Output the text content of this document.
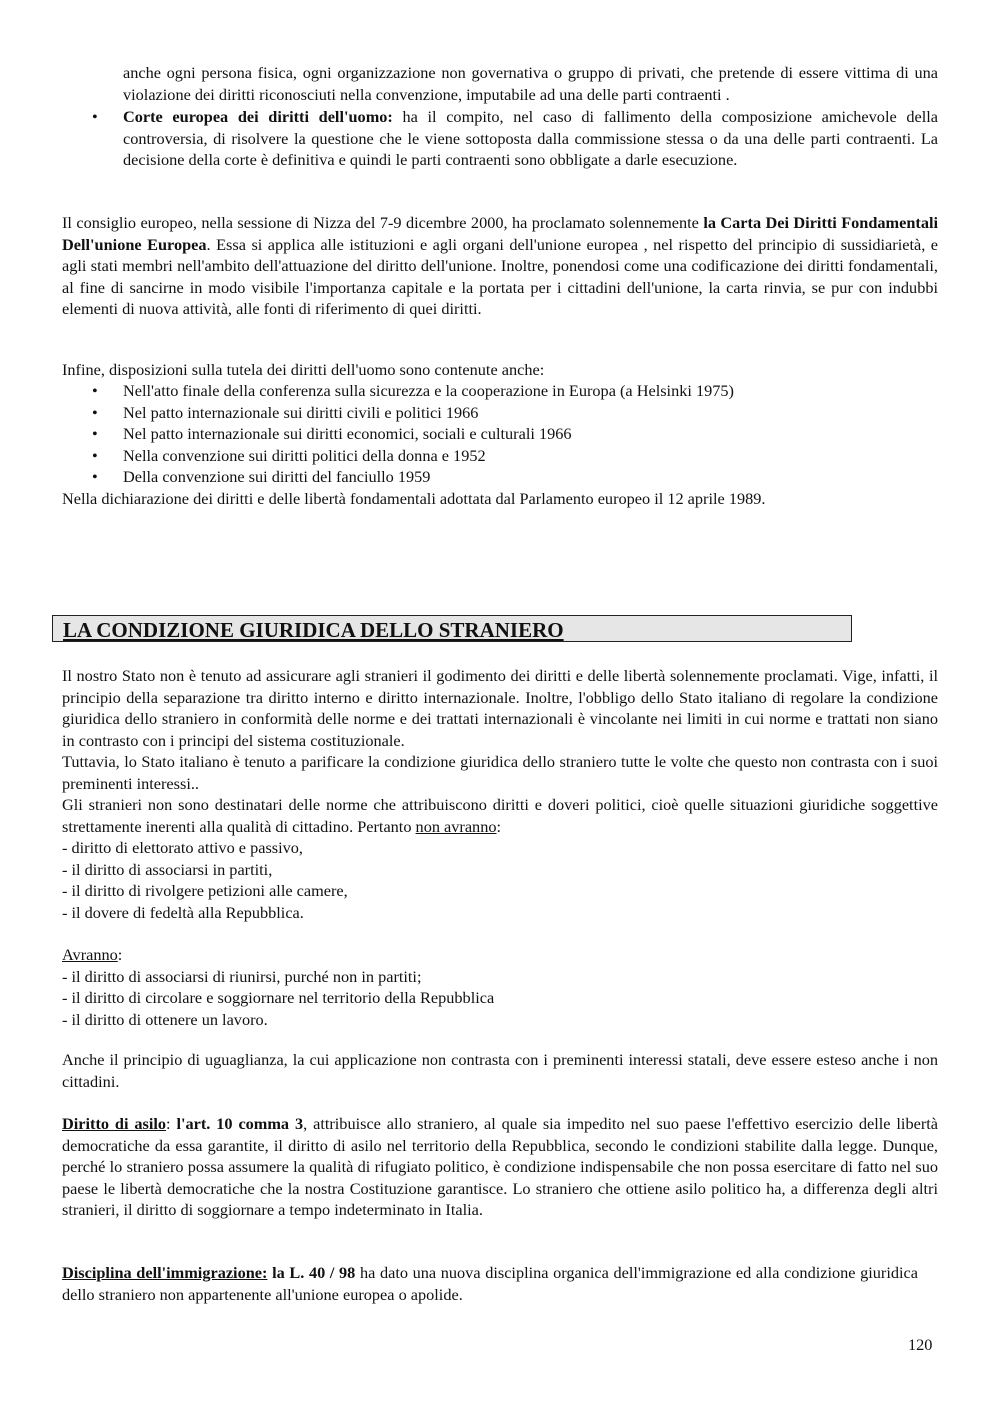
anche ogni persona fisica, ogni organizzazione non governativa o gruppo di privati, che pretende di essere vittima di una violazione dei diritti riconosciuti nella convenzione, imputabile ad una delle parti contraenti .

• Corte europea dei diritti dell'uomo: ha il compito, nel caso di fallimento della composizione amichevole della controversia, di risolvere la questione che le viene sottoposta dalla commissione stessa o da una delle parti contraenti. La decisione della corte è definitiva e quindi le parti contraenti sono obbligate a darle esecuzione.

Il consiglio europeo, nella sessione di Nizza del 7-9 dicembre 2000, ha proclamato solennemente la Carta Dei Diritti Fondamentali Dell'unione Europea. Essa si applica alle istituzioni e agli organi dell'unione europea , nel rispetto del principio di sussidiarietà, e agli stati membri nell'ambito dell'attuazione del diritto dell'unione. Inoltre, ponendosi come una codificazione dei diritti fondamentali, al fine di sancirne in modo visibile l'importanza capitale e la portata per i cittadini dell'unione, la carta rinvia, se pur con indubbi elementi di nuova attività, alle fonti di riferimento di quei diritti.

Infine, disposizioni sulla tutela dei diritti dell'uomo sono contenute anche:

• Nell'atto finale della conferenza sulla sicurezza e la cooperazione in Europa (a Helsinki 1975)
• Nel patto internazionale sui diritti civili e politici 1966
• Nel patto internazionale sui diritti economici, sociali e culturali 1966
• Nella convenzione sui diritti politici della donna e 1952
• Della convenzione sui diritti del fanciullo 1959

Nella dichiarazione dei diritti e delle libertà fondamentali adottata dal Parlamento europeo il 12 aprile 1989.

LA CONDIZIONE GIURIDICA DELLO STRANIERO

Il nostro Stato non è tenuto ad assicurare agli stranieri il godimento dei diritti e delle libertà solennemente proclamati. Vige, infatti, il principio della separazione tra diritto interno e diritto internazionale. Inoltre, l'obbligo dello Stato italiano di regolare la condizione giuridica dello straniero in conformità delle norme e dei trattati internazionali è vincolante nei limiti in cui norme e trattati non siano in contrasto con i principi del sistema costituzionale.

Tuttavia, lo Stato italiano è tenuto a parificare la condizione giuridica dello straniero tutte le volte che questo non contrasta con i suoi preminenti interessi..

Gli stranieri non sono destinatari delle norme che attribuiscono diritti e doveri politici, cioè quelle situazioni giuridiche soggettive strettamente inerenti alla qualità di cittadino. Pertanto non avranno:

- diritto di elettorato attivo e passivo,

- il diritto di associarsi in partiti,

- il diritto di rivolgere petizioni alle camere,

- il dovere di fedeltà alla Repubblica.

Avranno:

- il diritto di associarsi di riunirsi, purché non in partiti;

- il diritto di circolare e soggiornare nel territorio della Repubblica

- il diritto di ottenere un lavoro.

Anche il principio di uguaglianza, la cui applicazione non contrasta con i preminenti interessi statali, deve essere esteso anche i non cittadini.

Diritto di asilo: l'art. 10 comma 3, attribuisce allo straniero, al quale sia impedito nel suo paese l'effettivo esercizio delle libertà democratiche da essa garantite, il diritto di asilo nel territorio della Repubblica, secondo le condizioni stabilite dalla legge. Dunque, perché lo straniero possa assumere la qualità di rifugiato politico, è condizione indispensabile che non possa esercitare di fatto nel suo paese le libertà democratiche che la nostra Costituzione garantisce. Lo straniero che ottiene asilo politico ha, a differenza degli altri stranieri, il diritto di soggiornare a tempo indeterminato in Italia.

Disciplina dell'immigrazione: la L. 40 / 98 ha dato una nuova disciplina organica dell'immigrazione ed alla condizione giuridica dello straniero non appartenente all'unione europea o apolide.

120
